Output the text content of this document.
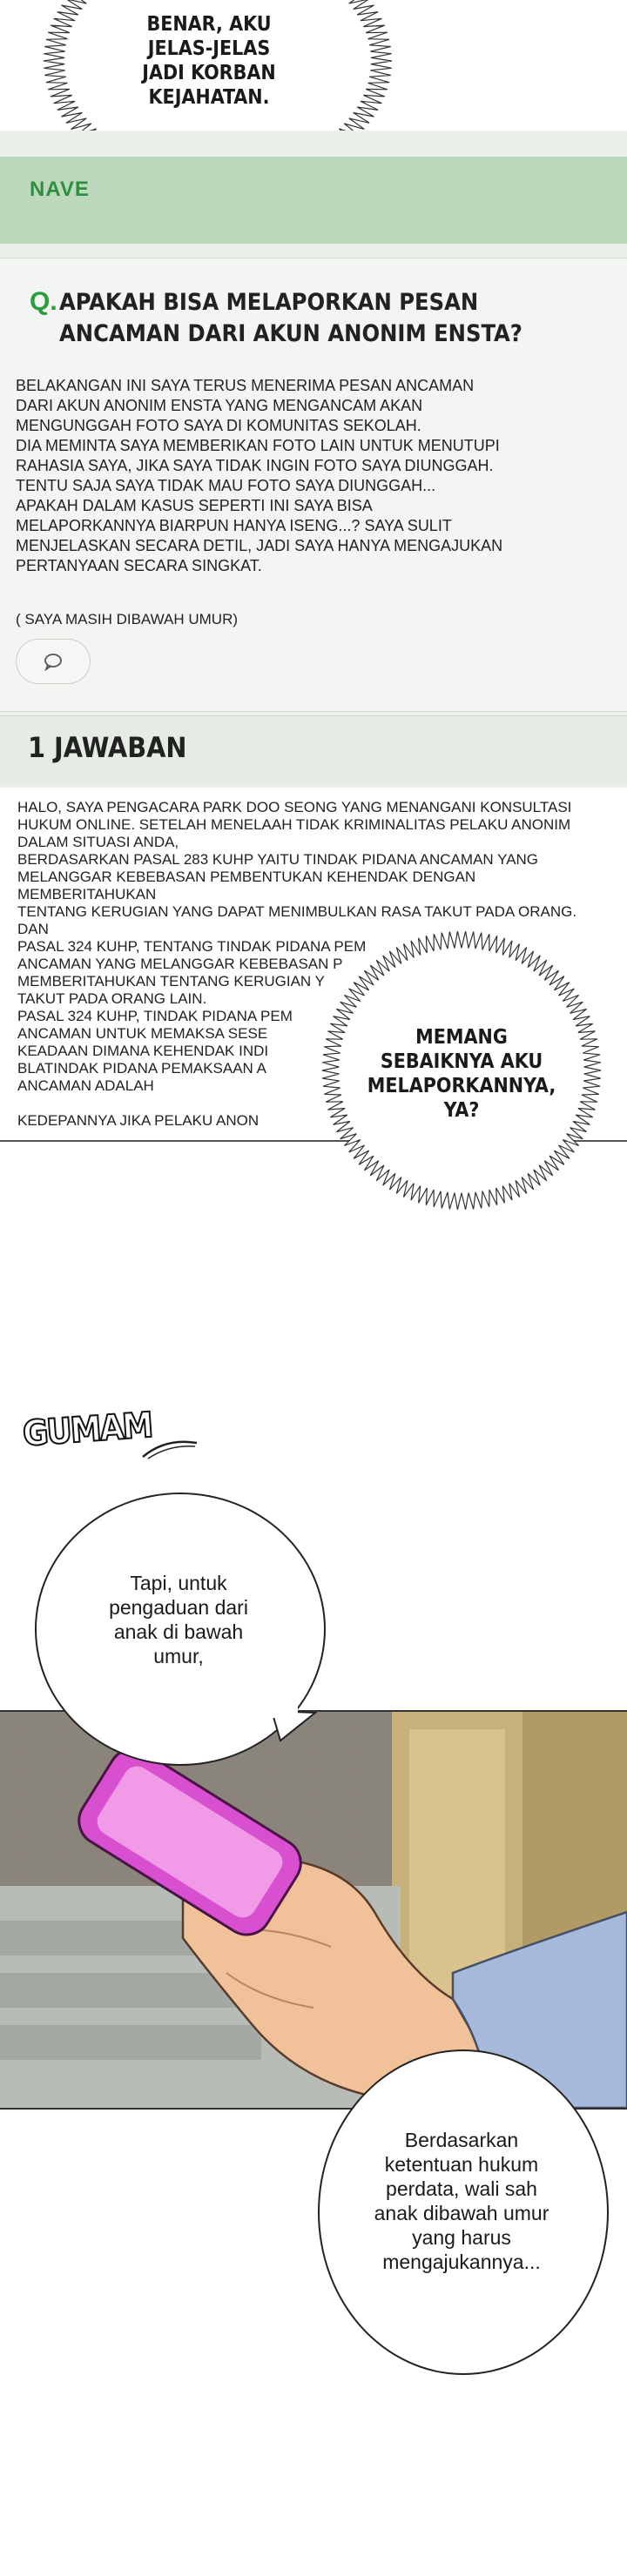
BENAR, AKU
JELAS-JELAS
JADI KORBAN
KEJAHATAN.
NAVE
Q. APAKAH BISA MELAPORKAN PESAN ANCAMAN DARI AKUN ANONIM ENSTA?
BELAKANGAN INI SAYA TERUS MENERIMA PESAN ANCAMAN
DARI AKUN ANONIM ENSTA YANG MENGANCAM AKAN
MENGUNGGAH FOTO SAYA DI KOMUNITAS SEKOLAH.
DIA MEMINTA SAYA MEMBERIKAN FOTO LAIN UNTUK MENUTUPI
RAHASIA SAYA, JIKA SAYA TIDAK INGIN FOTO SAYA DIUNGGAH.
TENTU SAJA SAYA TIDAK MAU FOTO SAYA DIUNGGAH...
APAKAH DALAM KASUS SEPERTI INI SAYA BISA
MELAPORKANNYA BIARPUN HANYA ISENG...? SAYA SULIT
MENJELASKAN SECARA DETIL, JADI SAYA HANYA MENGAJUKAN
PERTANYAAN SECARA SINGKAT.
( SAYA MASIH DIBAWAH UMUR)
1 JAWABAN
HALO, SAYA PENGACARA PARK DOO SEONG YANG MENANGANI KONSULTASI
HUKUM ONLINE. SETELAH MENELAAH TIDAK KRIMINALITAS PELAKU ANONIM
DALAM SITUASI ANDA,
BERDASARKAN PASAL 283 KUHP YAITU TINDAK PIDANA ANCAMAN YANG
MELANGGAR KEBEBASAN PEMBENTUKAN KEHENDAK DENGAN MEMBERITAHUKAN
TENTANG KERUGIAN YANG DAPAT MENIMBULKAN RASA TAKUT PADA ORANG. DAN
PASAL 324 KUHP, TENTANG TINDAK PIDANA PEM
ANCAMAN YANG MELANGGAR KEBEBASAN P
MEMBERITAHUKAN TENTANG KERUGIAN Y
TAKUT PADA ORANG LAIN.
PASAL 324 KUHP, TINDAK PIDANA PEM
ANCAMAN UNTUK MEMAKSA SESE
KEADAAN DIMANA KEHENDAK INDI
BLATINDAK PIDANA PEMAKSAAN A
ANCAMAN ADALAH

KEDEPANNYA JIKA PELAKU ANON
MEMANG
SEBAIKNYA AKU
MELAPORKANNYA,
YA?
GUMAM
Tapi, untuk
pengaduan dari
anak di bawah
umur,
Berdasarkan
ketentuan hukum
perdata, wali sah
anak dibawah umur
yang harus
mengajukannya...
